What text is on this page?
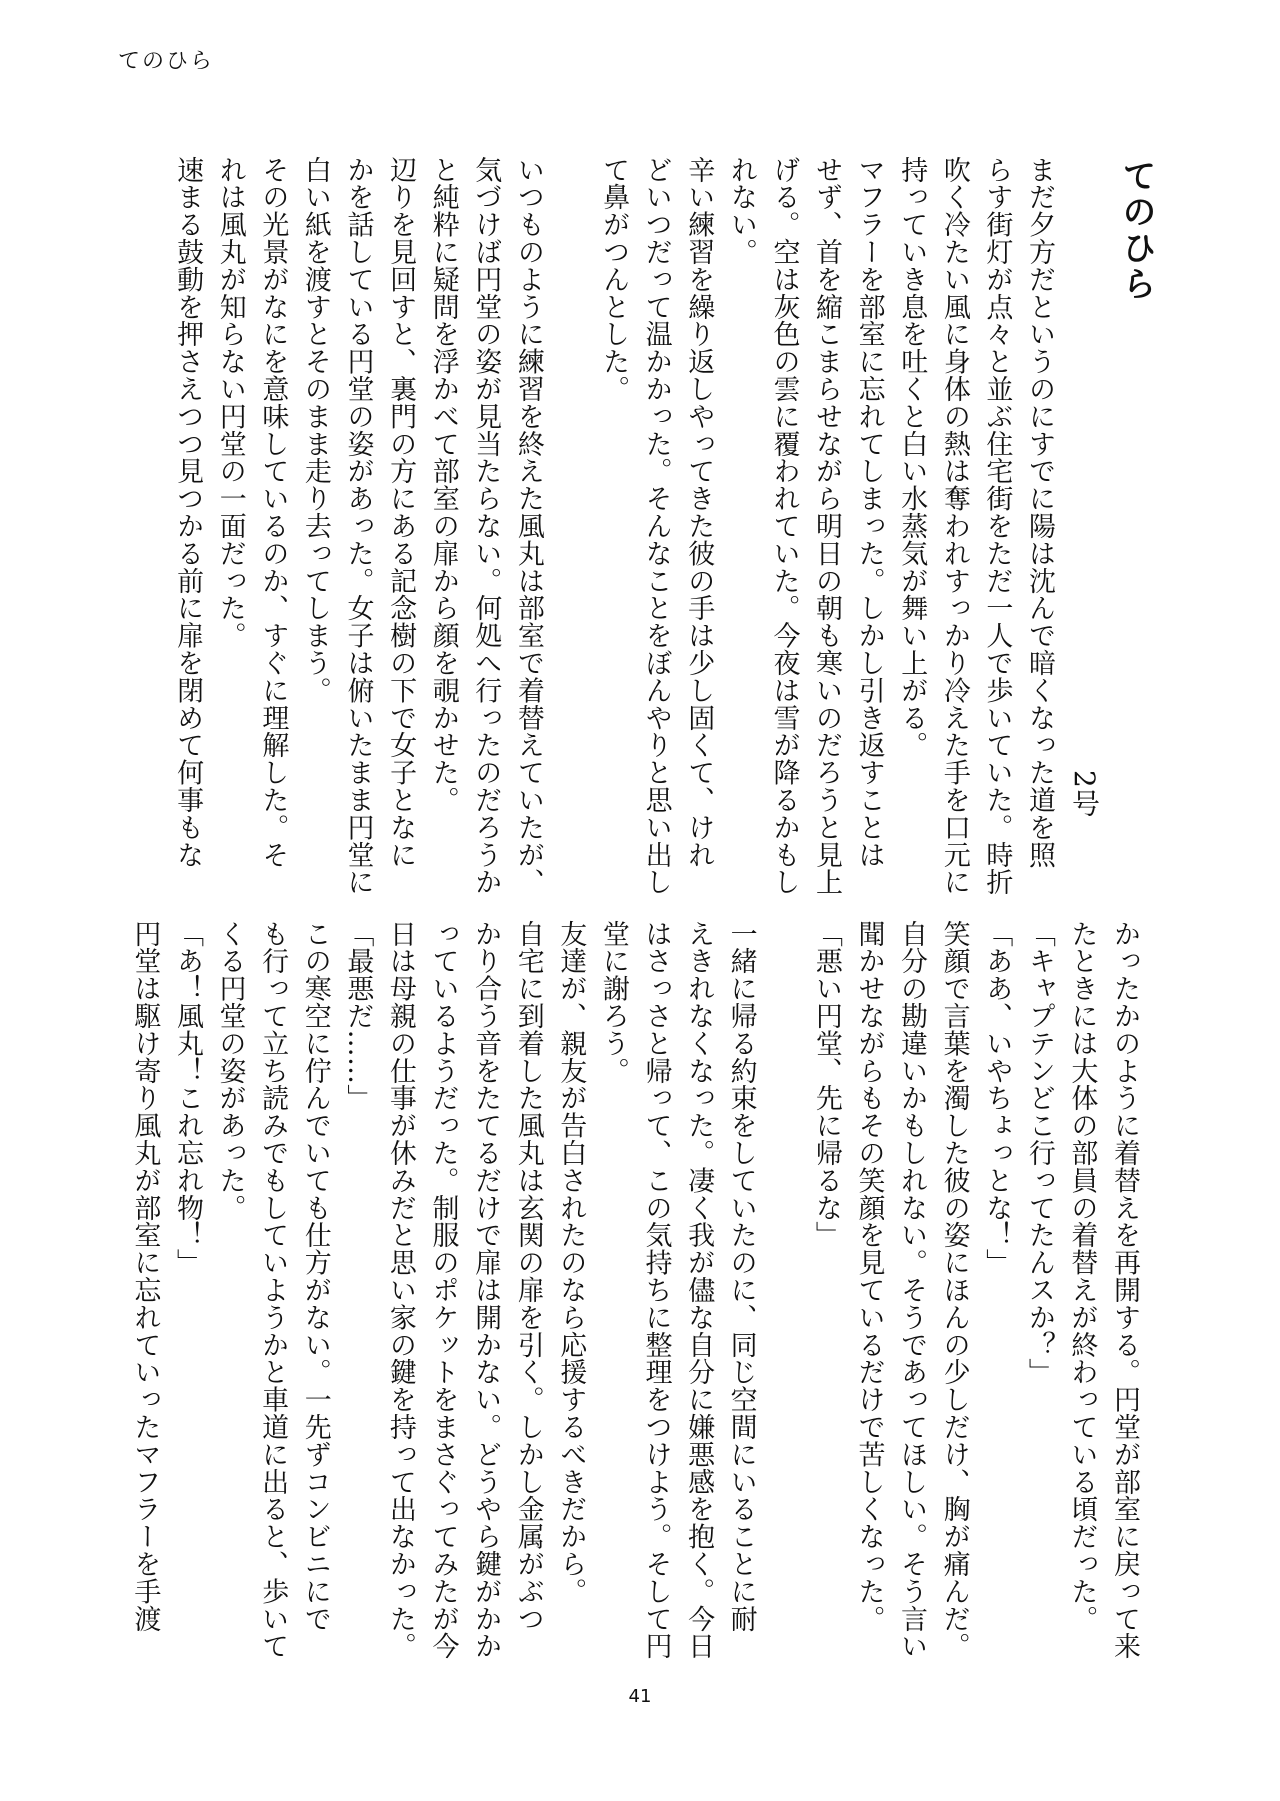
てのひら
てのひら
2号
まだ夕方だというのにすでに陽は沈んで暗くなった道を照
らす街灯が点々と並ぶ住宅街をただ一人で歩いていた。時折
吹く冷たい風に身体の熱は奪われすっかり冷えた手を口元に
持っていき息を吐くと白い水蒸気が舞い上がる。
マフラーを部室に忘れてしまった。しかし引き返すことは
せず、首を縮こまらせながら明日の朝も寒いのだろうと見上
げる。空は灰色の雲に覆われていた。今夜は雪が降るかもし
れない。
辛い練習を繰り返しやってきた彼の手は少し固くて、けれ
どいつだって温かかった。そんなことをぼんやりと思い出し
て鼻がつんとした。

いつものように練習を終えた風丸は部室で着替えていたが、
気づけば円堂の姿が見当たらない。何処へ行ったのだろうか
と純粋に疑問を浮かべて部室の扉から顔を覗かせた。
辺りを見回すと、裏門の方にある記念樹の下で女子となに
かを話している円堂の姿があった。女子は俯いたまま円堂に
白い紙を渡すとそのまま走り去ってしまう。
その光景がなにを意味しているのか、すぐに理解した。そ
れは風丸が知らない円堂の一面だった。
速まる鼓動を押さえつつ見つかる前に扉を閉めて何事もな
かったかのように着替えを再開する。円堂が部室に戻って来
たときには大体の部員の着替えが終わっている頃だった。
「キャプテンどこ行ってたんスか？」
「ああ、いやちょっとな！」
笑顔で言葉を濁した彼の姿にほんの少しだけ、胸が痛んだ。
自分の勘違いかもしれない。そうであってほしい。そう言い
聞かせながらもその笑顔を見ているだけで苦しくなった。
「悪い円堂、先に帰るな」

一緒に帰る約束をしていたのに、同じ空間にいることに耐
えきれなくなった。凄く我が儘な自分に嫌悪感を抱く。今日
はさっさと帰って、この気持ちに整理をつけよう。そして円
堂に謝ろう。
友達が、親友が告白されたのなら応援するべきだから。
自宅に到着した風丸は玄関の扉を引く。しかし金属がぶつ
かり合う音をたてるだけで扉は開かない。どうやら鍵がかか
っているようだった。制服のポケットをまさぐってみたが今
日は母親の仕事が休みだと思い家の鍵を持って出なかった。
「最悪だ……」
この寒空に佇んでいても仕方がない。一先ずコンビニにで
も行って立ち読みでもしていようかと車道に出ると、歩いて
くる円堂の姿があった。
「あ！風丸！これ忘れ物！」
円堂は駆け寄り風丸が部室に忘れていったマフラーを手渡
41
